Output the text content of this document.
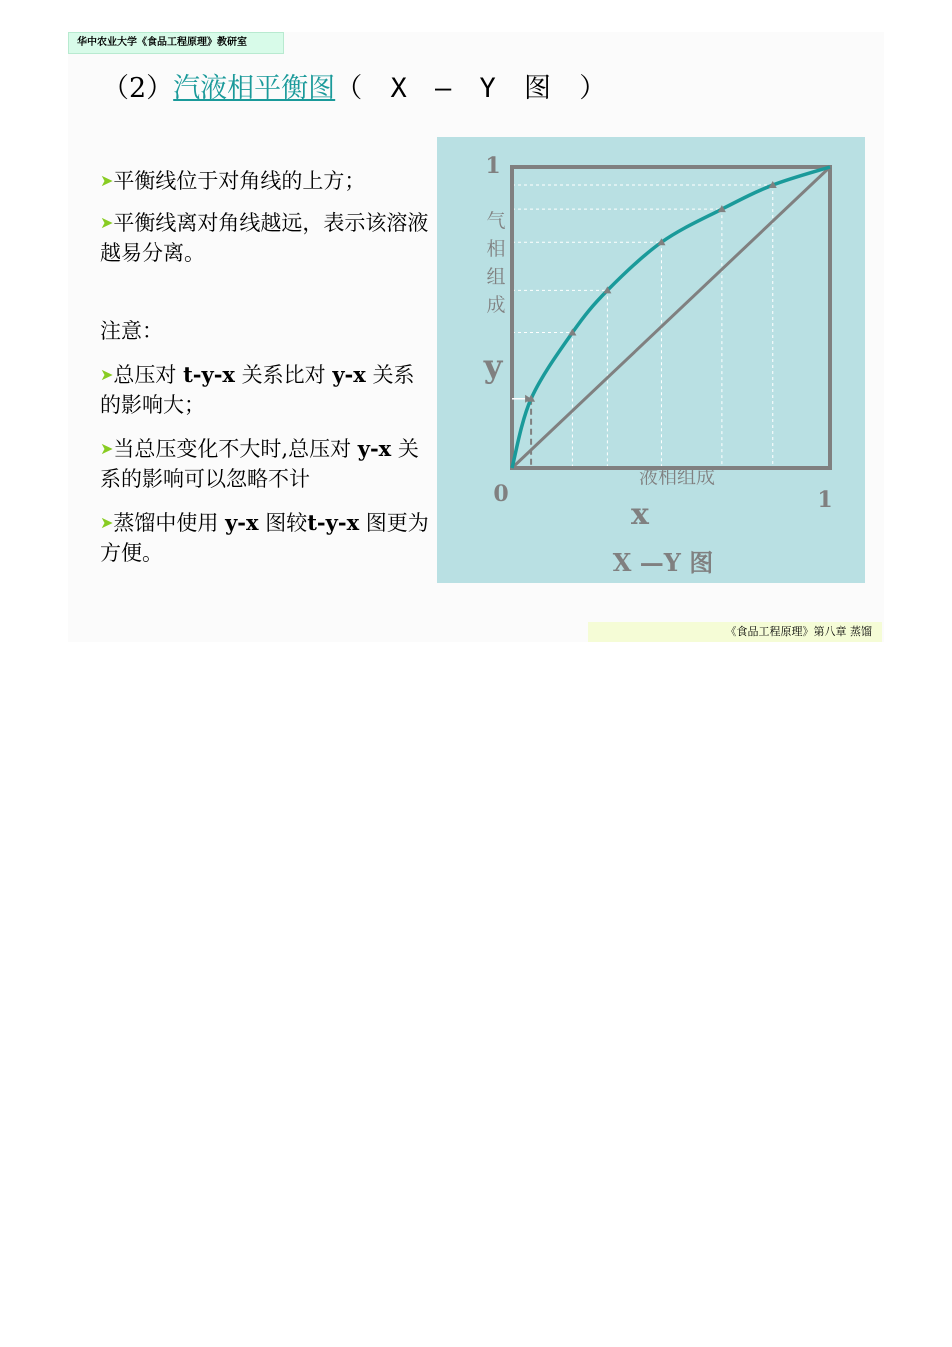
华中农业大学《食品工程原理》教研室
（2）汽液相平衡图（ X — Y 图 ）

➤平衡线位于对角线的上方；

➤平衡线离对角线越远，表示该溶液越易分离。

注意：

➤总压对 t-y-x 关系比对 y-x 关系的影响大；

➤当总压变化不大时,总压对 y-x 关系的影响可以忽略不计

➤蒸馏中使用 y-x 图较t-y-x 图更为方便。

1
0	1
气
相
组
成
y
液相组成
x
X —Y 图
《食品工程原理》第八章 蒸馏
